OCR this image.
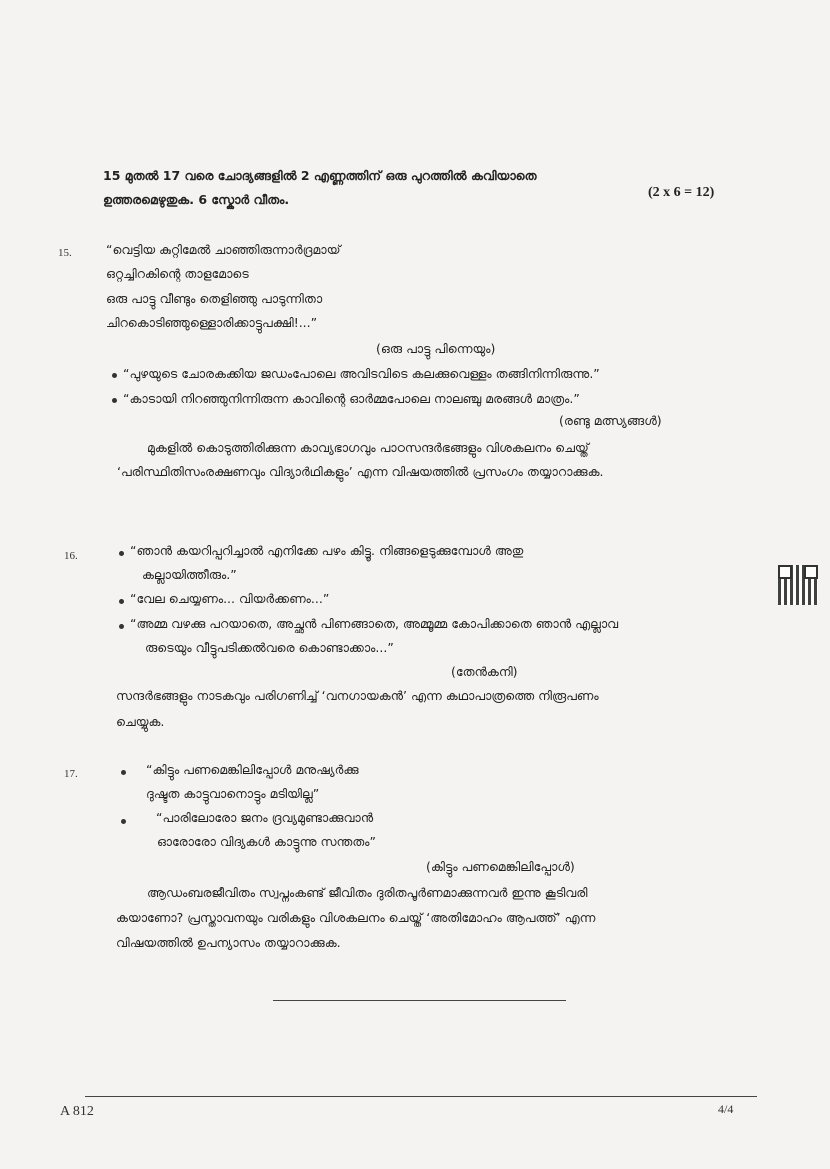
15 മുതൽ 17 വരെ ചോദ്യങ്ങളിൽ 2 എണ്ണത്തിന് ഒരു പുറത്തിൽ കവിയാതെ
ഉത്തരമെഴുതുക. 6 സ്കോർ വീതം.	(2 x 6 = 12)
15.	“വെട്ടിയ കുറ്റിമേൽ ചാഞ്ഞിരുന്നാർദ്രമായ്
ഒറ്റച്ചിറകിന്റെ താളമോടെ
ഒരു പാട്ടു വീണ്ടും തെളിഞ്ഞു പാടുന്നിതാ
ചിറകൊടിഞ്ഞുള്ളൊരിക്കാട്ടുപക്ഷി!...”
(ഒരു പാട്ടു പിന്നെയും)
“പുഴയുടെ ചോരകക്കിയ ജഡംപോലെ അവിടവിടെ കലക്കുവെള്ളം തങ്ങിനിന്നിരുന്നു.”
“കാടായി നിറഞ്ഞുനിന്നിരുന്ന കാവിന്റെ ഓർമ്മപോലെ നാലഞ്ചു മരങ്ങൾ മാത്രം.”
(രണ്ടു മത്സ്യങ്ങൾ)
മുകളിൽ കൊടുത്തിരിക്കുന്ന കാവ്യഭാഗവും പാഠസന്ദർഭങ്ങളും വിശകലനം ചെയ്ത്
‘പരിസ്ഥിതിസംരക്ഷണവും വിദ്യാർഥികളും’ എന്ന വിഷയത്തിൽ പ്രസംഗം തയ്യാറാക്കുക.
16.	“ഞാൻ കയറിപ്പറിച്ചാൽ എനിക്കേ പഴം കിട്ടൂ. നിങ്ങളെടുക്കുമ്പോൾ അതു
കല്ലായിത്തീരും.”
“വേല ചെയ്യണം... വിയർക്കണം...”
“അമ്മ വഴക്കു പറയാതെ, അച്ഛൻ പിണങ്ങാതെ, അമ്മൂമ്മ കോപിക്കാതെ ഞാൻ എല്ലാവ
രുടെയും വീട്ടുപടിക്കൽവരെ കൊണ്ടാക്കാം...”
(തേൻകനി)
സന്ദർഭങ്ങളും നാടകവും പരിഗണിച്ച് ‘വനഗായകൻ’ എന്ന കഥാപാത്രത്തെ നിരൂപണം
ചെയ്യുക.
17.	“കിട്ടും പണമെങ്കിലിപ്പോൾ മനുഷ്യർക്കു
ദുഷ്ടത കാട്ടുവാനൊട്ടും മടിയില്ല”
“പാരിലോരോ ജനം ദ്രവ്യമുണ്ടാക്കുവാൻ
ഓരോരോ വിദ്യകൾ കാട്ടുന്നു സന്തതം”
(കിട്ടും പണമെങ്കിലിപ്പോൾ)
ആഡംബരജീവിതം സ്വപ്നംകണ്ട് ജീവിതം ദുരിതപൂർണമാക്കുന്നവർ ഇന്നു കൂടിവരി
കയാണോ? പ്രസ്താവനയും വരികളും വിശകലനം ചെയ്ത് ‘അതിമോഹം ആപത്ത്’ എന്ന
വിഷയത്തിൽ ഉപന്യാസം തയ്യാറാക്കുക.
A 812	4/4
